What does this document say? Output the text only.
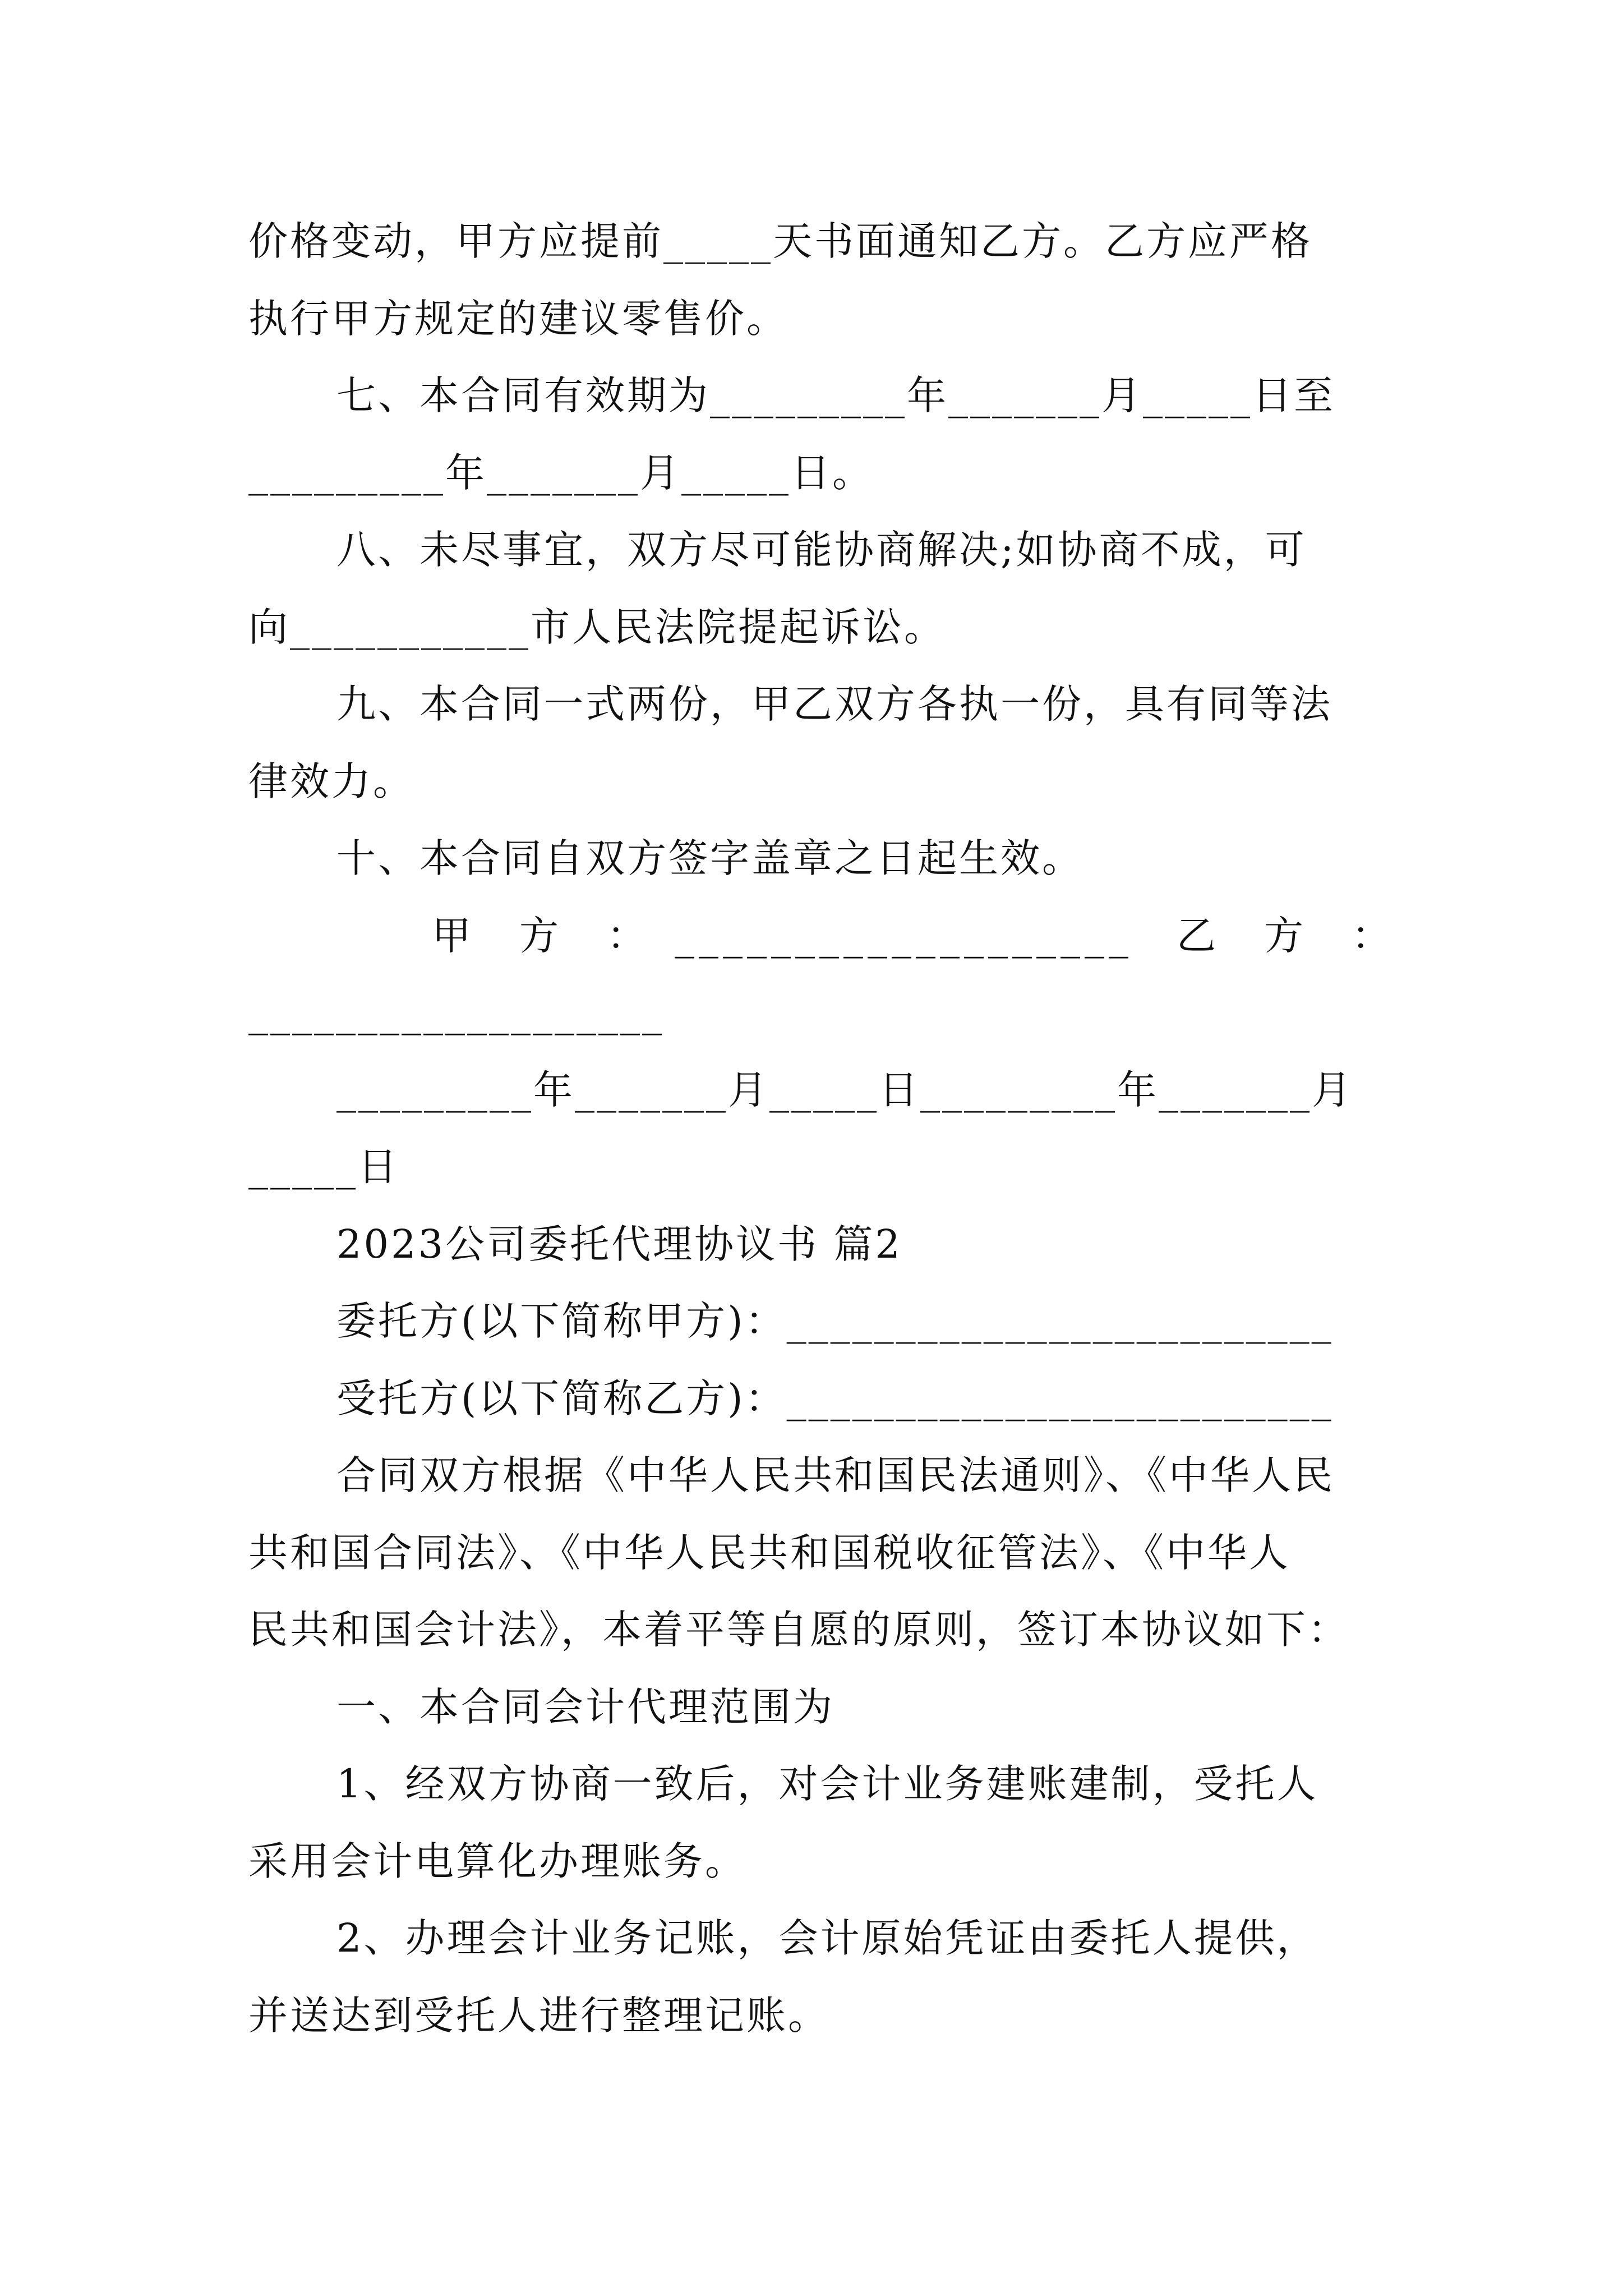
价格变动，甲方应提前_____天书面通知乙方。乙方应严格
执行甲方规定的建议零售价。
七、本合同有效期为_________年_______月_____日至
_________年_______月_____日。
八、未尽事宜，双方尽可能协商解决;如协商不成，可
向___________市人民法院提起诉讼。
九、本合同一式两份，甲乙双方各执一份，具有同等法
律效力。
十、本合同自双方签字盖章之日起生效。
甲　方　：　___________________　乙　方　：
___________________
_________年_______月_____日_________年_______月
_____日
2023公司委托代理协议书 篇2
委托方(以下简称甲方)：_________________________
受托方(以下简称乙方)：_________________________
合同双方根据《中华人民共和国民法通则》、《中华人民
共和国合同法》、《中华人民共和国税收征管法》、《中华人
民共和国会计法》，本着平等自愿的原则，签订本协议如下：
一、本合同会计代理范围为
1、经双方协商一致后，对会计业务建账建制，受托人
采用会计电算化办理账务。
2、办理会计业务记账，会计原始凭证由委托人提供，
并送达到受托人进行整理记账。
